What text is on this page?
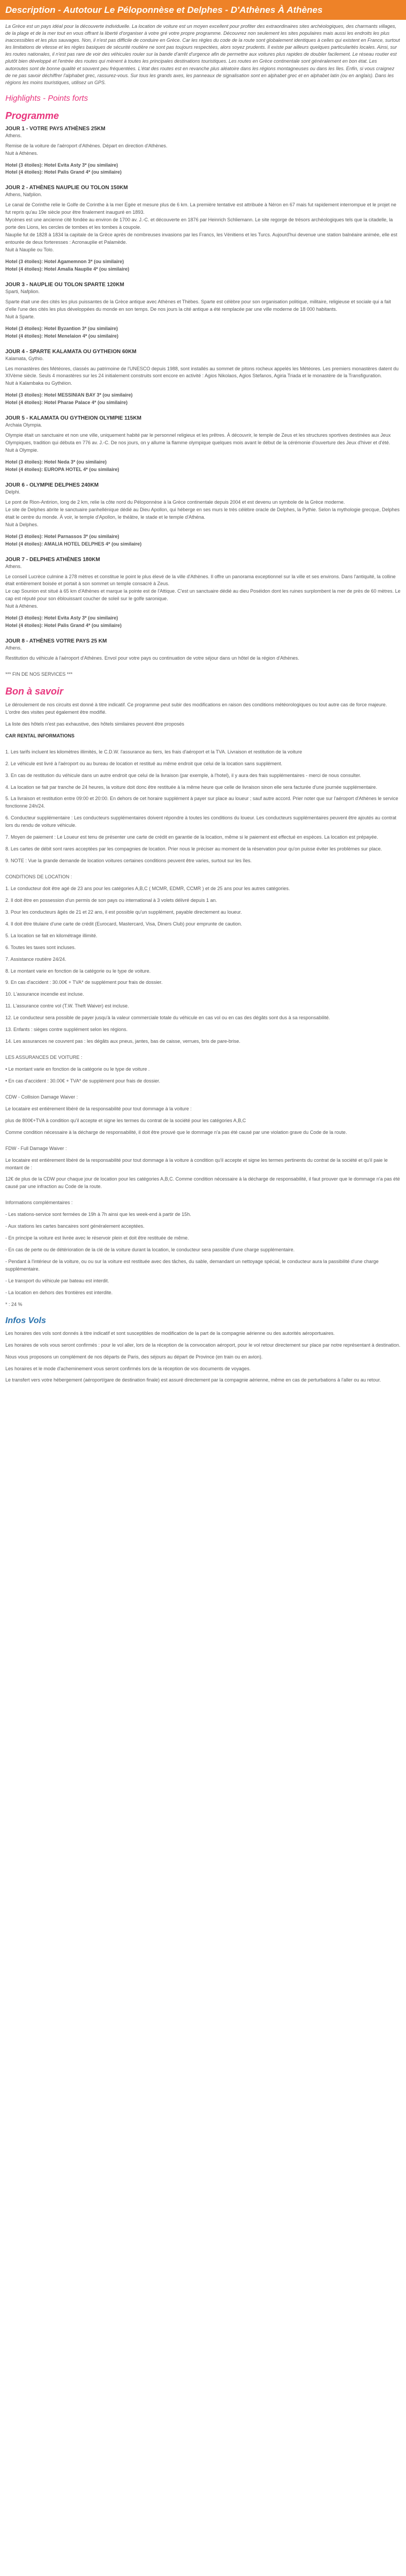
Description - Autotour Le Péloponnèse et Delphes - D'Athènes À Athènes
La Grèce est un pays idéal pour la découverte individuelle. La location de voiture est un moyen excellent pour profiter des extraordinaires sites archéologiques, des charmants villages, de la plage et de la mer tout en vous offrant la liberté d'organiser à votre gré votre propre programme. Découvrez non seulement les sites populaires mais aussi les endroits les plus inaccessibles et les plus sauvages. Non, il n'est pas difficile de conduire en Grèce. Car les règles du code de la route sont globalement identiques à celles qui existent en France, surtout les limitations de vitesse et les règles basiques de sécurité routière ne sont pas toujours respectées, alors soyez prudents. Il existe par ailleurs quelques particularités locales. Ainsi, sur les routes nationales, il n'est pas rare de voir des véhicules rouler sur la bande d'arrêt d'urgence afin de permettre aux voitures plus rapides de doubler facilement. Le réseau routier est plutôt bien développé et l'entrée des routes qui mènent à toutes les principales destinations touristiques. Les routes en Grèce continentale sont généralement en bon état. Les autoroutes sont de bonne qualité et souvent peu fréquentées. L'état des routes est en revanche plus aléatoire dans les régions montagneuses ou dans les îles. Enfin, si vous craignez de ne pas savoir déchiffrer l'alphabet grec, rassurez-vous. Sur tous les grands axes, les panneaux de signalisation sont en alphabet grec et en alphabet latin (ou en anglais). Dans les régions les moins touristiques, utilisez un GPS.
Highlights - Points forts
Programme

JOUR 1 - VOTRE PAYS ATHÈNES 25KM

Athens.

Remise de la voiture de l'aéroport d'Athènes. Départ en direction d'Athènes.
Nuit à Athènes.

Hotel (3 étoiles): Hotel Evita Asty 3* (ou similaire)

Hotel (4 étoiles): Hotel Palis Grand 4* (ou similaire)

JOUR 2 - ATHÈNES NAUPLIE OU TOLON 150KM

Athens, Nafplion.

Le canal de Corinthe relie le Golfe de Corinthe à la mer Egée et mesure plus de 6 km. La première tentative est attribuée à Néron en 67 mais fut rapidement interrompue et le projet ne fut repris qu'au 19e siècle pour être finalement inauguré en 1893.
Mycènes est une ancienne cité fondée au environ de 1700 av. J.-C. et découverte en 1876 par Heinrich Schliemann. Le site regorge de trésors archéologiques tels que la citadelle, la porte des Lions, les cercles de tombes et les tombes à coupole.
Nauplie fut de 1828 à 1834 la capitale de la Grèce après de nombreuses invasions par les Francs, les Vénitiens et les Turcs. Aujourd'hui devenue une station balnéaire animée, elle est entourée de deux forteresses : Acronauplie et Palamède.
Nuit à Nauplie ou Tolo.

Hotel (3 étoiles): Hotel Agamemnon 3* (ou similaire)

Hotel (4 étoiles): Hotel Amalia Nauplie 4* (ou similaire)

JOUR 3 - NAUPLIE OU TOLON SPARTE 120KM

Sparti, Nafplion.

Sparte était une des cités les plus puissantes de la Grèce antique avec Athènes et Thèbes. Sparte est célèbre pour son organisation politique, militaire, religieuse et sociale qui a fait d'elle l'une des cités les plus développées du monde en son temps. De nos jours la cité antique a été remplacée par une ville moderne de 18 000 habitants.
Nuit à Sparte.

Hotel (3 étoiles): Hotel Byzantion 3* (ou similaire)

Hotel (4 étoiles): Hotel Menelaion 4* (ou similaire)

JOUR 4 - SPARTE KALAMATA OU GYTHEION 60KM

Kalamata, Gythio.

Les monastères des Météores, classés au patrimoine de l'UNESCO depuis 1988, sont installés au sommet de pitons rocheux appelés les Météores. Les premiers monastères datent du XIVème siècle. Seuls 4 monastères sur les 24 initialement construits sont encore en activité : Agios Nikolaos, Agios Stefanos, Agiria Triada et le monastère de la Transfiguration.
Nuit à Kalambaka ou Gythéion.

Hotel (3 étoiles): Hotel MESSINIAN BAY 3* (ou similaire)

Hotel (4 étoiles): Hotel Pharae Palace 4* (ou similaire)

JOUR 5 - KALAMATA OU GYTHEION OLYMPIE 115KM

Archaia Olympia.

Olympie était un sanctuaire et non une ville, uniquement habité par le personnel religieux et les prêtres. À découvrir, le temple de Zeus et les structures sportives destinées aux Jeux Olympiques, tradition qui débuta en 776 av. J.-C. De nos jours, on y allume la flamme olympique quelques mois avant le début de la cérémonie d'ouverture des Jeux d'hiver et d'été.
Nuit à Olympie.

Hotel (3 étoiles): Hotel Neda 3* (ou similaire)

Hotel (4 étoiles): EUROPA HOTEL 4* (ou similaire)

JOUR 6 - OLYMPIE DELPHES 240KM

Delphi.

Le pont de Rion-Antirion, long de 2 km, relie la côte nord du Péloponnèse à la Grèce continentale depuis 2004 et est devenu un symbole de la Grèce moderne.
Le site de Delphes abrite le sanctuaire panhellénique dédié au Dieu Apollon, qui héberge en ses murs le très célèbre oracle de Delphes, la Pythie. Selon la mythologie grecque, Delphes était le centre du monde. À voir, le temple d'Apollon, le théâtre, le stade et le temple d'Athéna.
Nuit à Delphes.

Hotel (3 étoiles): Hotel Parnassos 3* (ou similaire)

Hotel (4 étoiles): AMALIA HOTEL DELPHES 4* (ou similaire)

JOUR 7 - DELPHES ATHÈNES 180KM

Athens.

Le conseil Lucrèce culmine à 278 mètres et constitue le point le plus élevé de la ville d'Athènes. Il offre un panorama exceptionnel sur la ville et ses environs. Dans l'antiquité, la colline était entièrement boisée et portait à son sommet un temple consacré à Zeus.
Le cap Sounion est situé à 65 km d'Athènes et marque la pointe est de l'Attique. C'est un sanctuaire dédié au dieu Poséidon dont les ruines surplombent la mer de près de 60 mètres. Le cap est réputé pour son éblouissant coucher de soleil sur le golfe saronique.
Nuit à Athènes.

Hotel (3 étoiles): Hotel Evita Asty 3* (ou similaire)

Hotel (4 étoiles): Hotel Palis Grand 4* (ou similaire)

JOUR 8 - ATHÈNES VOTRE PAYS 25 KM

Athens.

Restitution du véhicule à l'aéroport d'Athènes. Envol pour votre pays ou continuation de votre séjour dans un hôtel de la région d'Athènes.

*** FIN DE NOS SERVICES ***

Bon à savoir

Le déroulement de nos circuits est donné à titre indicatif. Ce programme peut subir des modifications en raison des conditions météorologiques ou tout autre cas de force majeure. L'ordre des visites peut également être modifié.

La liste des hôtels n'est pas exhaustive, des hôtels similaires peuvent être proposés

CAR RENTAL INFORMATIONS

1. Les tarifs incluent les kilomètres illimités, le C.D.W. l'assurance au tiers, les frais d'aéroport et la TVA. Livraison et restitution de la voiture

2. Le véhicule est livré à l'aéroport ou au bureau de location et restitué au même endroit que celui de la location sans supplément.

3. En cas de restitution du véhicule dans un autre endroit que celui de la livraison (par exemple, à l'hotel), il y aura des frais supplémentaires - merci de nous consulter.

4. La location se fait par tranche de 24 heures, la voiture doit donc être restituée à la même heure que celle de livraison sinon elle sera facturée d'une journée supplémentaire.

5. La livraison et restitution entre 09:00 et 20:00. En dehors de cet horaire supplément à payer sur place au loueur ; sauf autre accord. Prier noter que sur l'aéroport d'Athènes le service fonctionne 24h/24.

6. Conducteur supplémentaire : Les conducteurs supplémentaires doivent répondre à toutes les conditions du loueur. Les conducteurs supplémentaires peuvent être ajoutés au contrat lors du rendu de voiture véhicule.

7. Moyen de paiement : Le Loueur est tenu de présenter une carte de crédit en garantie de la location, même si le paiement est effectué en espèces. La location est prépayée.

8. Les cartes de débit sont rares acceptées par les compagnies de location. Prier nous le préciser au moment de la réservation pour qu'on puisse éviter les problèmes sur place.

9. NOTE : Vue la grande demande de location voitures certaines conditions peuvent être varies, surtout sur les îles.

CONDITIONS DE LOCATION :

1. Le conducteur doit être agé de 23 ans pour les catégories A,B,C ( MCMR, EDMR, CCMR ) et de 25 ans pour les autres catégories.

2. Il doit être en possession d'un permis de son pays ou international à 3 volets délivré depuis 1 an.

3. Pour les conducteurs âgés de 21 et 22 ans, il est possible qu'un supplément, payable directement au loueur.

4. Il doit être titulaire d'une carte de crédit (Eurocard, Mastercard, Visa, Diners Club) pour emprunte de caution.

5. La location se fait en kilométrage illimité.

6. Toutes les taxes sont incluses.

7. Assistance routière 24/24.

8. Le montant varie en fonction de la catégorie ou le type de voiture.

9. En cas d'accident : 30.00€ + TVA* de supplément pour frais de dossier.

10. L'assurance incendie est incluse.

11. L'assurance contre vol (T.W. Theft Waiver) est incluse.

12. Le conducteur sera possible de payer jusqu'à la valeur commerciale totale du véhicule en cas vol ou en cas des dégâts sont dus à sa responsabilité.

13. Enfants : sièges contre supplément selon les régions.

14. Les assurances ne couvrent pas : les dégâts aux pneus, jantes, bas de caisse, verrues, bris de pare-brise.

LES ASSURANCES DE VOITURE :

• Le montant varie en fonction de la catégorie ou le type de voiture .

• En cas d'accident : 30.00€ + TVA* de supplément pour frais de dossier.

CDW - Collision Damage Waiver :

Le locataire est entièrement libéré de la responsabilité pour tout dommage à la voiture :

plus de 800€+TVA à condition qu'il accepte et signe les termes du contrat de la société pour les catégories A,B,C

Comme condition nécessaire à la décharge de responsabilité, il doit être prouvé que le dommage n'a pas été causé par une violation grave du Code de la route.

FDW - Full Damage Waiver :

Le locataire est entièrement libéré de la responsabilité pour tout dommage à la voiture à condition qu'il accepte et signe les termes pertinents du contrat de la société et qu'il paie le montant de :

12€ de plus de la CDW pour chaque jour de location pour les catégories A,B,C. Comme condition nécessaire à la décharge de responsabilité, il faut prouver que le dommage n'a pas été causé par une infraction au Code de la route.

Informations complémentaires :

- Les stations-service sont fermées de 19h à 7h ainsi que les week-end à partir de 15h.

- Aux stations les cartes bancaires sont généralement acceptées.

- En principe la voiture est livrée avec le réservoir plein et doit être restituée de même.

- En cas de perte ou de détérioration de la clé de la voiture durant la location, le conducteur sera passible d'une charge supplémentaire.

- Pendant à l'intérieur de la voiture, ou ou sur la voiture est restituée avec des tâches, du sable, demandant un nettoyage spécial, le conducteur aura la passibilité d'une charge supplémentaire.

- Le transport du véhicule par bateau est interdit.

- La location en dehors des frontières est interdite.

* : 24 %

Infos Vols

Les horaires des vols sont donnés à titre indicatif et sont susceptibles de modification de la part de la compagnie aérienne ou des autorités aéroportuaires.

Les horaires de vols vous seront confirmés : pour le vol aller, lors de la réception de la convocation aéroport, pour le vol retour directement sur place par notre représentant à destination.

Nous vous proposons un complément de nos départs de Paris, des séjours au départ de Province (en train ou en avion).

Les horaires et le mode d'acheminement vous seront confirmés lors de la réception de vos documents de voyages.

Le transfert vers votre hébergement (aéroport/gare de destination finale) est assuré directement par la compagnie aérienne, même en cas de perturbations à l'aller ou au retour.
